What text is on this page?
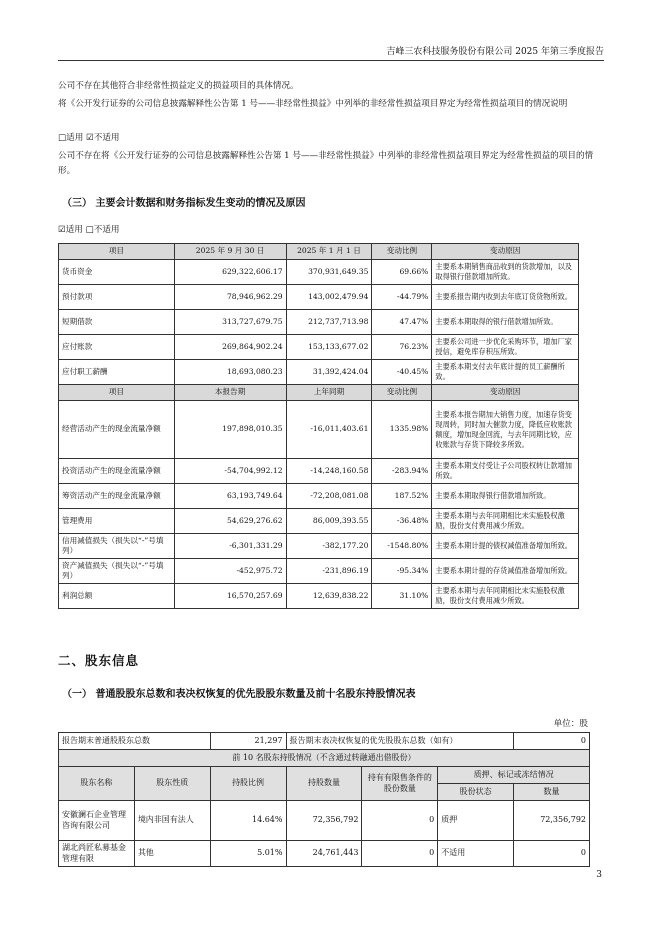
吉峰三农科技服务股份有限公司 2025 年第三季度报告
公司不存在其他符合非经常性损益定义的损益项目的具体情况。
将《公开发行证券的公司信息披露解释性公告第 1 号——非经常性损益》中列举的非经常性损益项目界定为经常性损益项目的情况说明
□适用 ☑不适用
公司不存在将《公开发行证券的公司信息披露解释性公告第 1 号——非经常性损益》中列举的非经常性损益项目界定为经常性损益的项目的情形。
（三） 主要会计数据和财务指标发生变动的情况及原因
☑适用 □不适用
项目	2025 年 9 月 30 日	2025 年 1 月 1 日	变动比例	变动原因
货币资金	629,322,606.17	370,931,649.35	69.66%	主要系本期销售商品收到的货款增加，以及取得银行借款增加所致。
预付款项	78,946,962.29	143,002,479.94	-44.79%	主要系报告期内收到去年底订货货物所致。
短期借款	313,727,679.75	212,737,713.98	47.47%	主要系本期取得的银行借款增加所致。
应付账款	269,864,902.24	153,133,677.02	76.23%	主要系公司进一步优化采购环节，增加厂家授信，避免库存积压所致。
应付职工薪酬	18,693,080.23	31,392,424.04	-40.45%	主要系本期支付去年底计提的员工薪酬所致。
项目	本报告期	上年同期	变动比例	变动原因
经营活动产生的现金流量净额	197,898,010.35	-16,011,403.61	1335.98%	主要系本报告期加大销售力度，加速存货变现周转，同时加大催款力度，降低应收账款额度，增加现金回流，与去年同期比较，应收账款与存货下降较多所致。
投资活动产生的现金流量净额	-54,704,992.12	-14,248,160.58	-283.94%	主要系本期支付受让子公司股权转让款增加所致。
筹资活动产生的现金流量净额	63,193,749.64	-72,208,081.08	187.52%	主要系本期取得银行借款增加所致。
管理费用	54,629,276.62	86,009,393.55	-36.48%	主要系本期与去年同期相比未实施股权激励，股份支付费用减少所致。
信用减值损失（损失以“-”号填列）	-6,301,331.29	-382,177.20	-1548.80%	主要系本期计提的债权减值准备增加所致。
资产减值损失（损失以“-”号填列）	-452,975.72	-231,896.19	-95.34%	主要系本期计提的存货减值准备增加所致。
利润总额	16,570,257.69	12,639,838.22	31.10%	主要系本期与去年同期相比未实施股权激励，股份支付费用减少所致。
二、股东信息
（一） 普通股股东总数和表决权恢复的优先股股东数量及前十名股东持股情况表
单位：股
报告期末普通股股东总数		21,297	报告期末表决权恢复的优先股股东总数（如有）			0
前 10 名股东持股情况（不含通过转融通出借股份）						
股东名称	股东性质	持股比例	持股数量	持有有限售条件的股份数量	质押、标记或冻结情况	
					股份状态	数量
安徽澜石企业管理咨询有限公司	境内非国有法人	14.64%	72,356,792	0	质押	72,356,792
湖北尚匠私募基金管理有限	其他	5.01%	24,761,443	0	不适用	0
3
